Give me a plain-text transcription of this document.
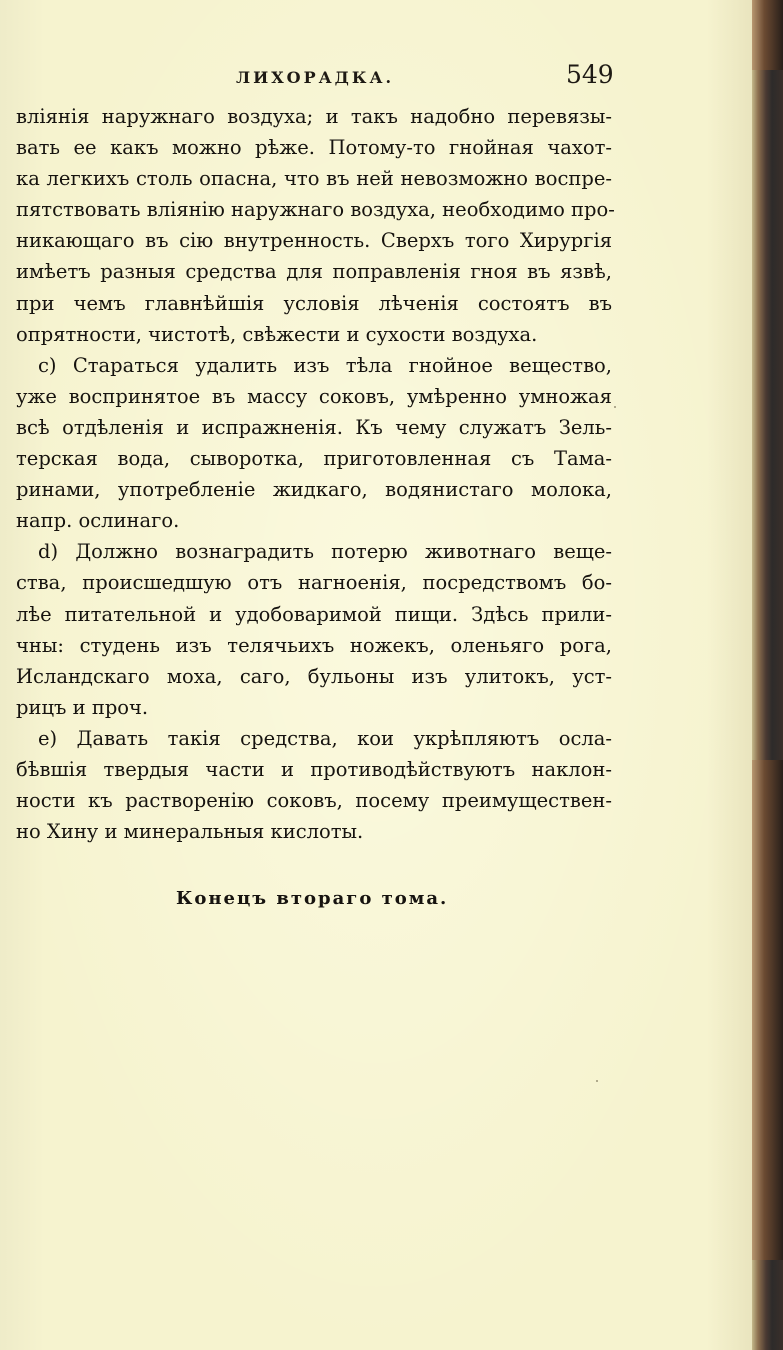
ЛИХОРАДКА.	549
вліянія наружнаго воздуха; и такъ надобно перевязы-
вать ее какъ можно рѣже. Потому-то гнойная чахот-
ка легкихъ столь опасна, что въ ней невозможно воспре-
пятствовать вліянію наружнаго воздуха, необходимо про-
никающаго въ сію внутренность. Сверхъ того Хирургія
имѣетъ разныя средства для поправленія гноя въ язвѣ,
при чемъ главнѣйшія условія лѣченія состоятъ въ
опрятности, чистотѣ, свѣжести и сухости воздуха.
c) Стараться удалить изъ тѣла гнойное вещество,
уже воспринятое въ массу соковъ, умѣренно умножая
всѣ отдѣленія и испражненія. Къ чему служатъ Зель-
терская вода, сыворотка, приготовленная съ Тама-
ринами, употребленіе жидкаго, водянистаго молока,
напр. ослинаго.
d) Должно вознаградить потерю животнаго веще-
ства, происшедшую отъ нагноенія, посредствомъ бо-
лѣе питательной и удобоваримой пищи. Здѣсь прили-
чны: студень изъ телячьихъ ножекъ, оленьяго рога,
Исландскаго моха, саго, бульоны изъ улитокъ, уст-
рицъ и проч.
e) Давать такія средства, кои укрѣпляютъ осла-
бѣвшія твердыя части и противодѣйствуютъ наклон-
ности къ растворенію соковъ, посему преимуществен-
но Хину и минеральныя кислоты.
Конецъ втораго тома.
